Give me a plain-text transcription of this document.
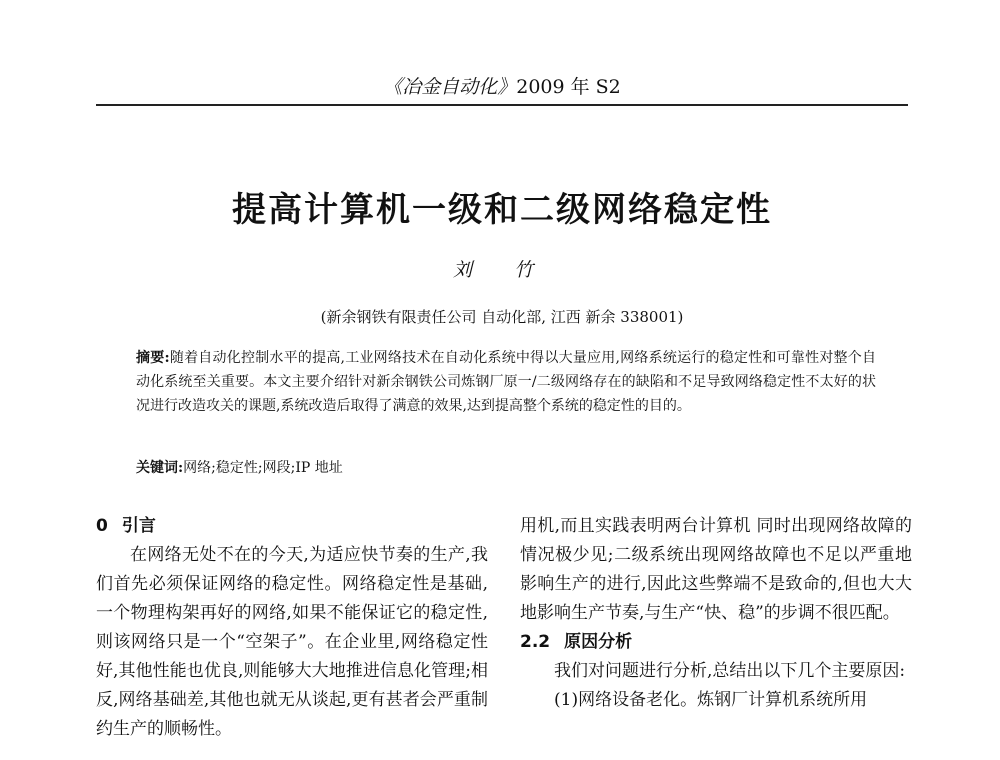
《冶金自动化》2009 年 S2
提高计算机一级和二级网络稳定性
刘 竹
(新余钢铁有限责任公司 自动化部, 江西 新余 338001)
摘要:随着自动化控制水平的提高,工业网络技术在自动化系统中得以大量应用,网络系统运行的稳定性和可靠性对整个自动化系统至关重要。本文主要介绍针对新余钢铁公司炼钢厂原一/二级网络存在的缺陷和不足导致网络稳定性不太好的状况进行改造攻关的课题,系统改造后取得了满意的效果,达到提高整个系统的稳定性的目的。
关键词:网络;稳定性;网段;IP 地址

0 引言

在网络无处不在的今天,为适应快节奏的生产,我们首先必须保证网络的稳定性。网络稳定性是基础,一个物理构架再好的网络,如果不能保证它的稳定性,则该网络只是一个“空架子”。在企业里,网络稳定性好,其他性能也优良,则能够大大地推进信息化管理;相反,网络基础差,其他也就无从谈起,更有甚者会严重制约生产的顺畅性。

用机,而且实践表明两台计算机 同时出现网络故障的情况极少见;二级系统出现网络故障也不足以严重地影响生产的进行,因此这些弊端不是致命的,但也大大地影响生产节奏,与生产“快、稳”的步调不很匹配。

2.2 原因分析

我们对问题进行分析,总结出以下几个主要原因:

(1)网络设备老化。炼钢厂计算机系统所用
